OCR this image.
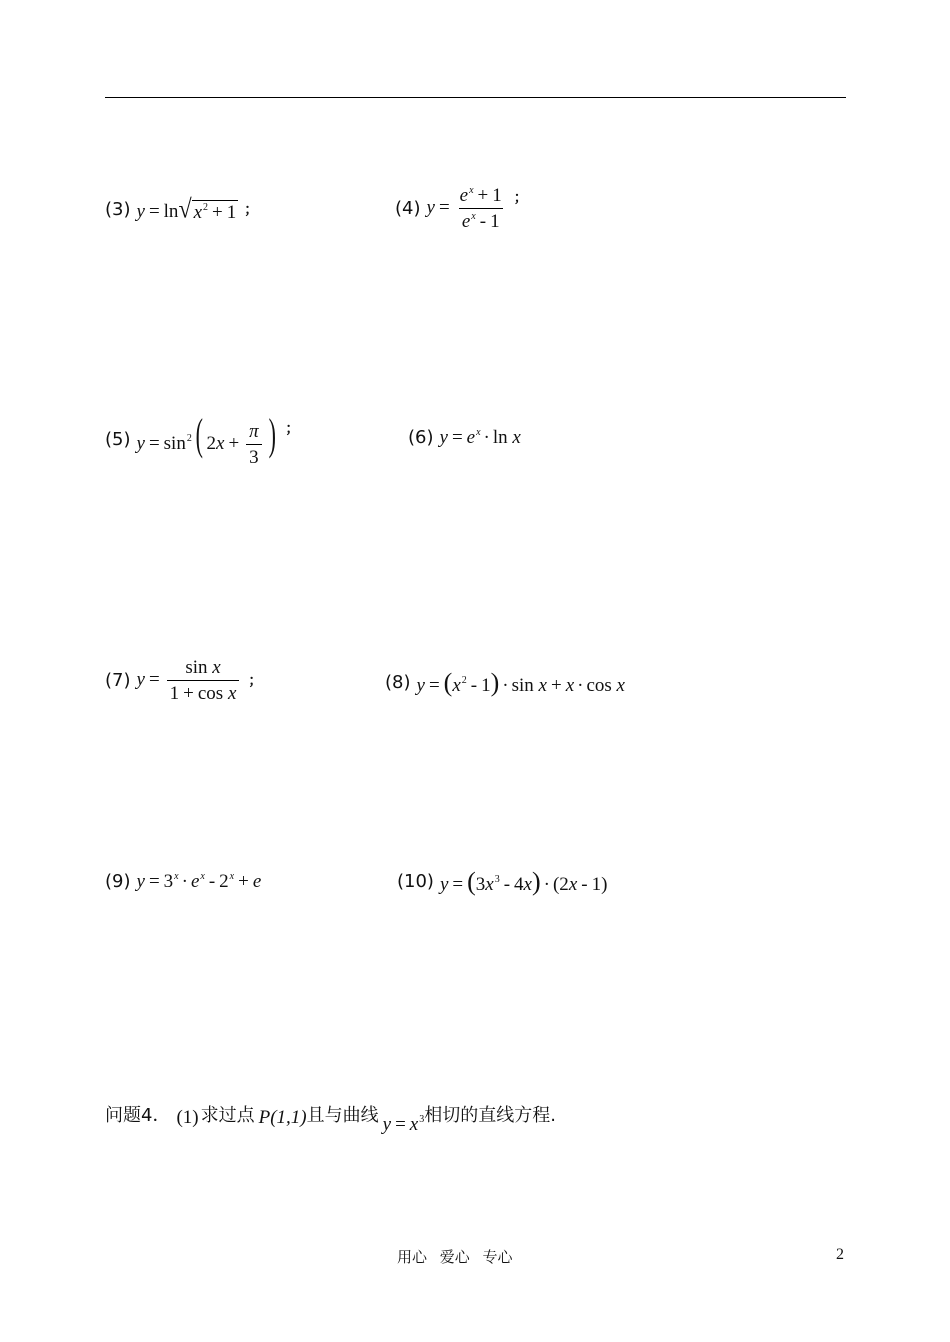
(3) y = ln √ $x^2 + 1$ ；	(4) $y = \frac{e^x + 1}{e^x - 1}$ ；
(5) $y = \sin^2$( $2x + \frac{\pi}{3}$ ) ；	(6) $y = e^x \cdot \ln x$
(7) $y = \frac{\text{sin x}}{\text{1 + cos x}}$ ；	(8) $y = (x^2 - 1) \cdot \sin x + x \cdot \cos x$
(9) $y = 3^x \cdot e^x - 2^x + e$	(10) $y = (3x^3 - 4x) \cdot (2x - 1)$
问题4． (1) 求过点 P(1,1) 且与曲线 $y = x^3$ 相切的直线方程.
用心 爱心 专心	2
